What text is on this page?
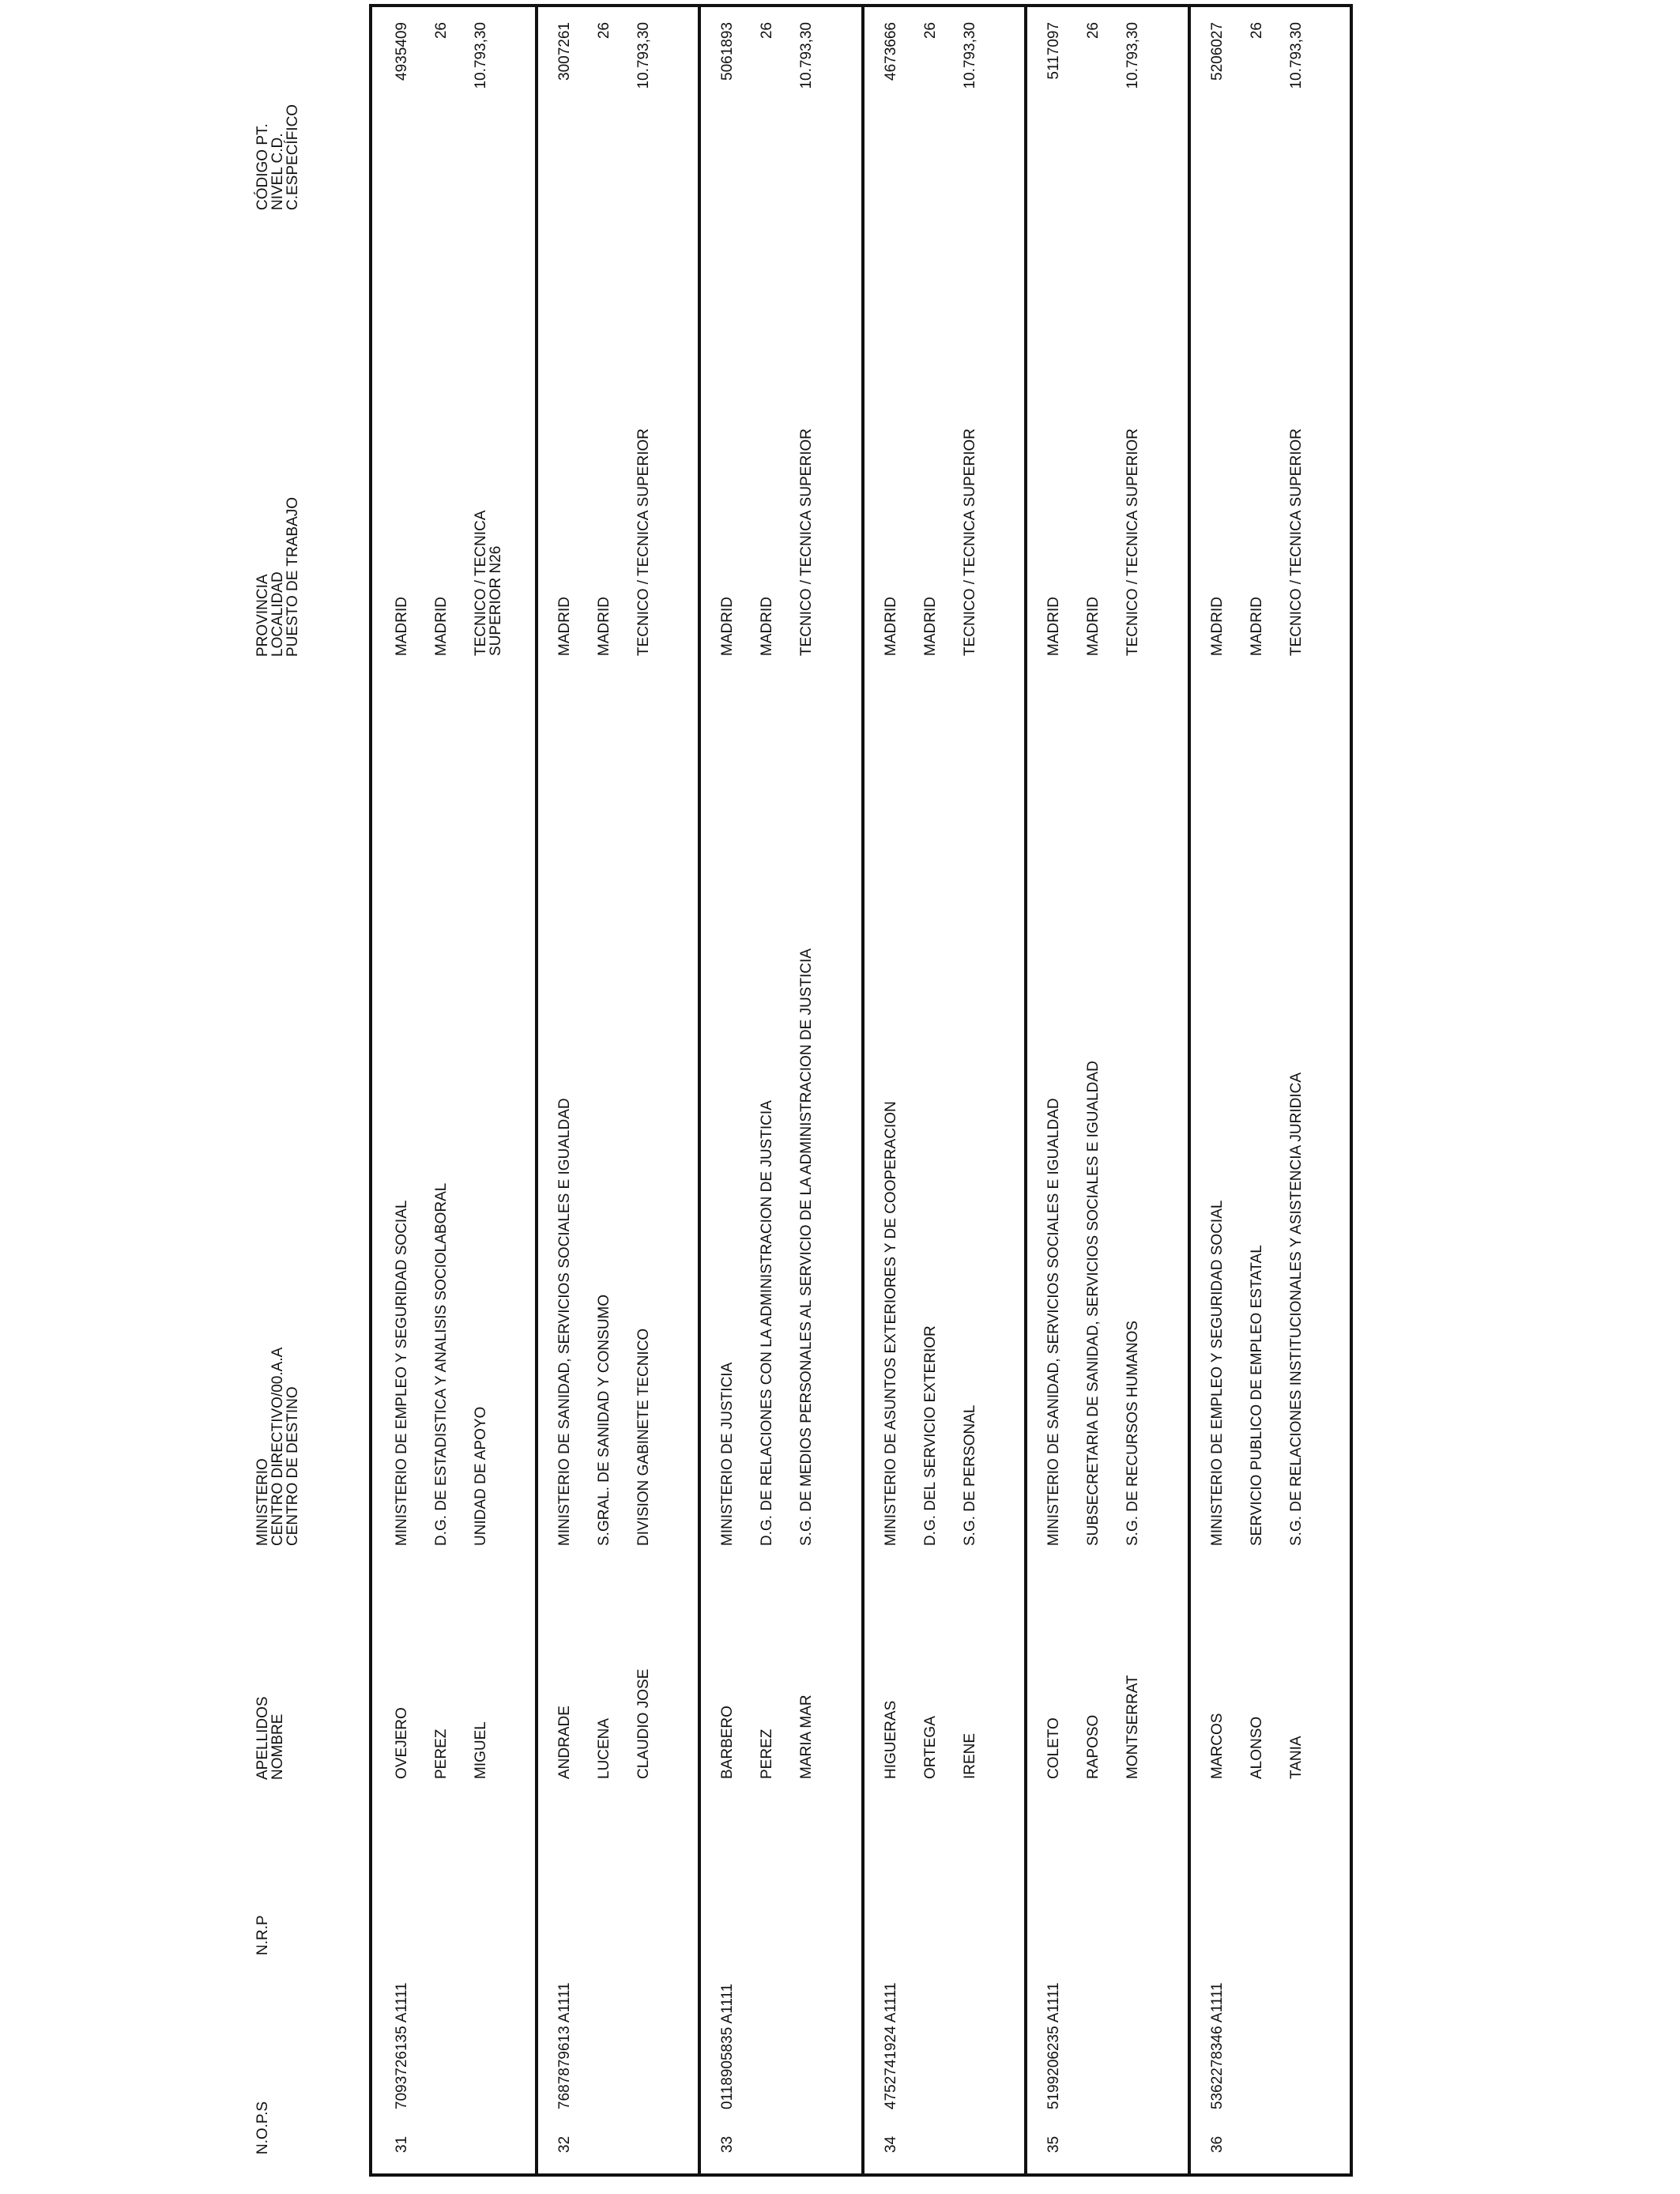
N.O.P.S
N.R.P
APELLIDOS
NOMBRE
MINISTERIO
CENTRO DIRECTIVO/00.A.A
CENTRO DE DESTINO
PROVINCIA
LOCALIDAD
PUESTO DE TRABAJO
CÓDIGO PT.
NIVEL C.D.
C.ESPECÍFICO
31
7093726135 A1111
OVEJERO PEREZ MIGUEL
MINISTERIO DE EMPLEO Y SEGURIDAD SOCIAL D.G. DE ESTADISTICA Y ANALISIS SOCIOLABORAL UNIDAD DE APOYO
MADRID MADRID TECNICO / TECNICA SUPERIOR N26
4935409 26 10.793,30
32
7687879613 A1111
ANDRADE LUCENA CLAUDIO JOSE
MINISTERIO DE SANIDAD, SERVICIOS SOCIALES E IGUALDAD S.GRAL. DE SANIDAD Y CONSUMO DIVISION GABINETE TECNICO
MADRID MADRID TECNICO / TECNICA SUPERIOR
3007261 26 10.793,30
33
0118905835 A1111
BARBERO PEREZ MARIA MAR
MINISTERIO DE JUSTICIA D.G. DE RELACIONES CON LA ADMINISTRACION DE JUSTICIA S.G. DE MEDIOS PERSONALES AL SERVICIO DE LA ADMINISTRACION DE JUSTICIA
MADRID MADRID TECNICO / TECNICA SUPERIOR
5061893 26 10.793,30
34
4752741924 A1111
HIGUERAS ORTEGA IRENE
MINISTERIO DE ASUNTOS EXTERIORES Y DE COOPERACION D.G. DEL SERVICIO EXTERIOR S.G. DE PERSONAL
MADRID MADRID TECNICO / TECNICA SUPERIOR
4673666 26 10.793,30
35
5199206235 A1111
COLETO RAPOSO MONTSERRAT
MINISTERIO DE SANIDAD, SERVICIOS SOCIALES E IGUALDAD SUBSECRETARIA DE SANIDAD, SERVICIOS SOCIALES E IGUALDAD S.G. DE RECURSOS HUMANOS
MADRID MADRID TECNICO / TECNICA SUPERIOR
5117097 26 10.793,30
36
5362278346 A1111
MARCOS ALONSO TANIA
MINISTERIO DE EMPLEO Y SEGURIDAD SOCIAL SERVICIO PUBLICO DE EMPLEO ESTATAL S.G. DE RELACIONES INSTITUCIONALES Y ASISTENCIA JURIDICA
MADRID MADRID TECNICO / TECNICA SUPERIOR
5206027 26 10.793,30
